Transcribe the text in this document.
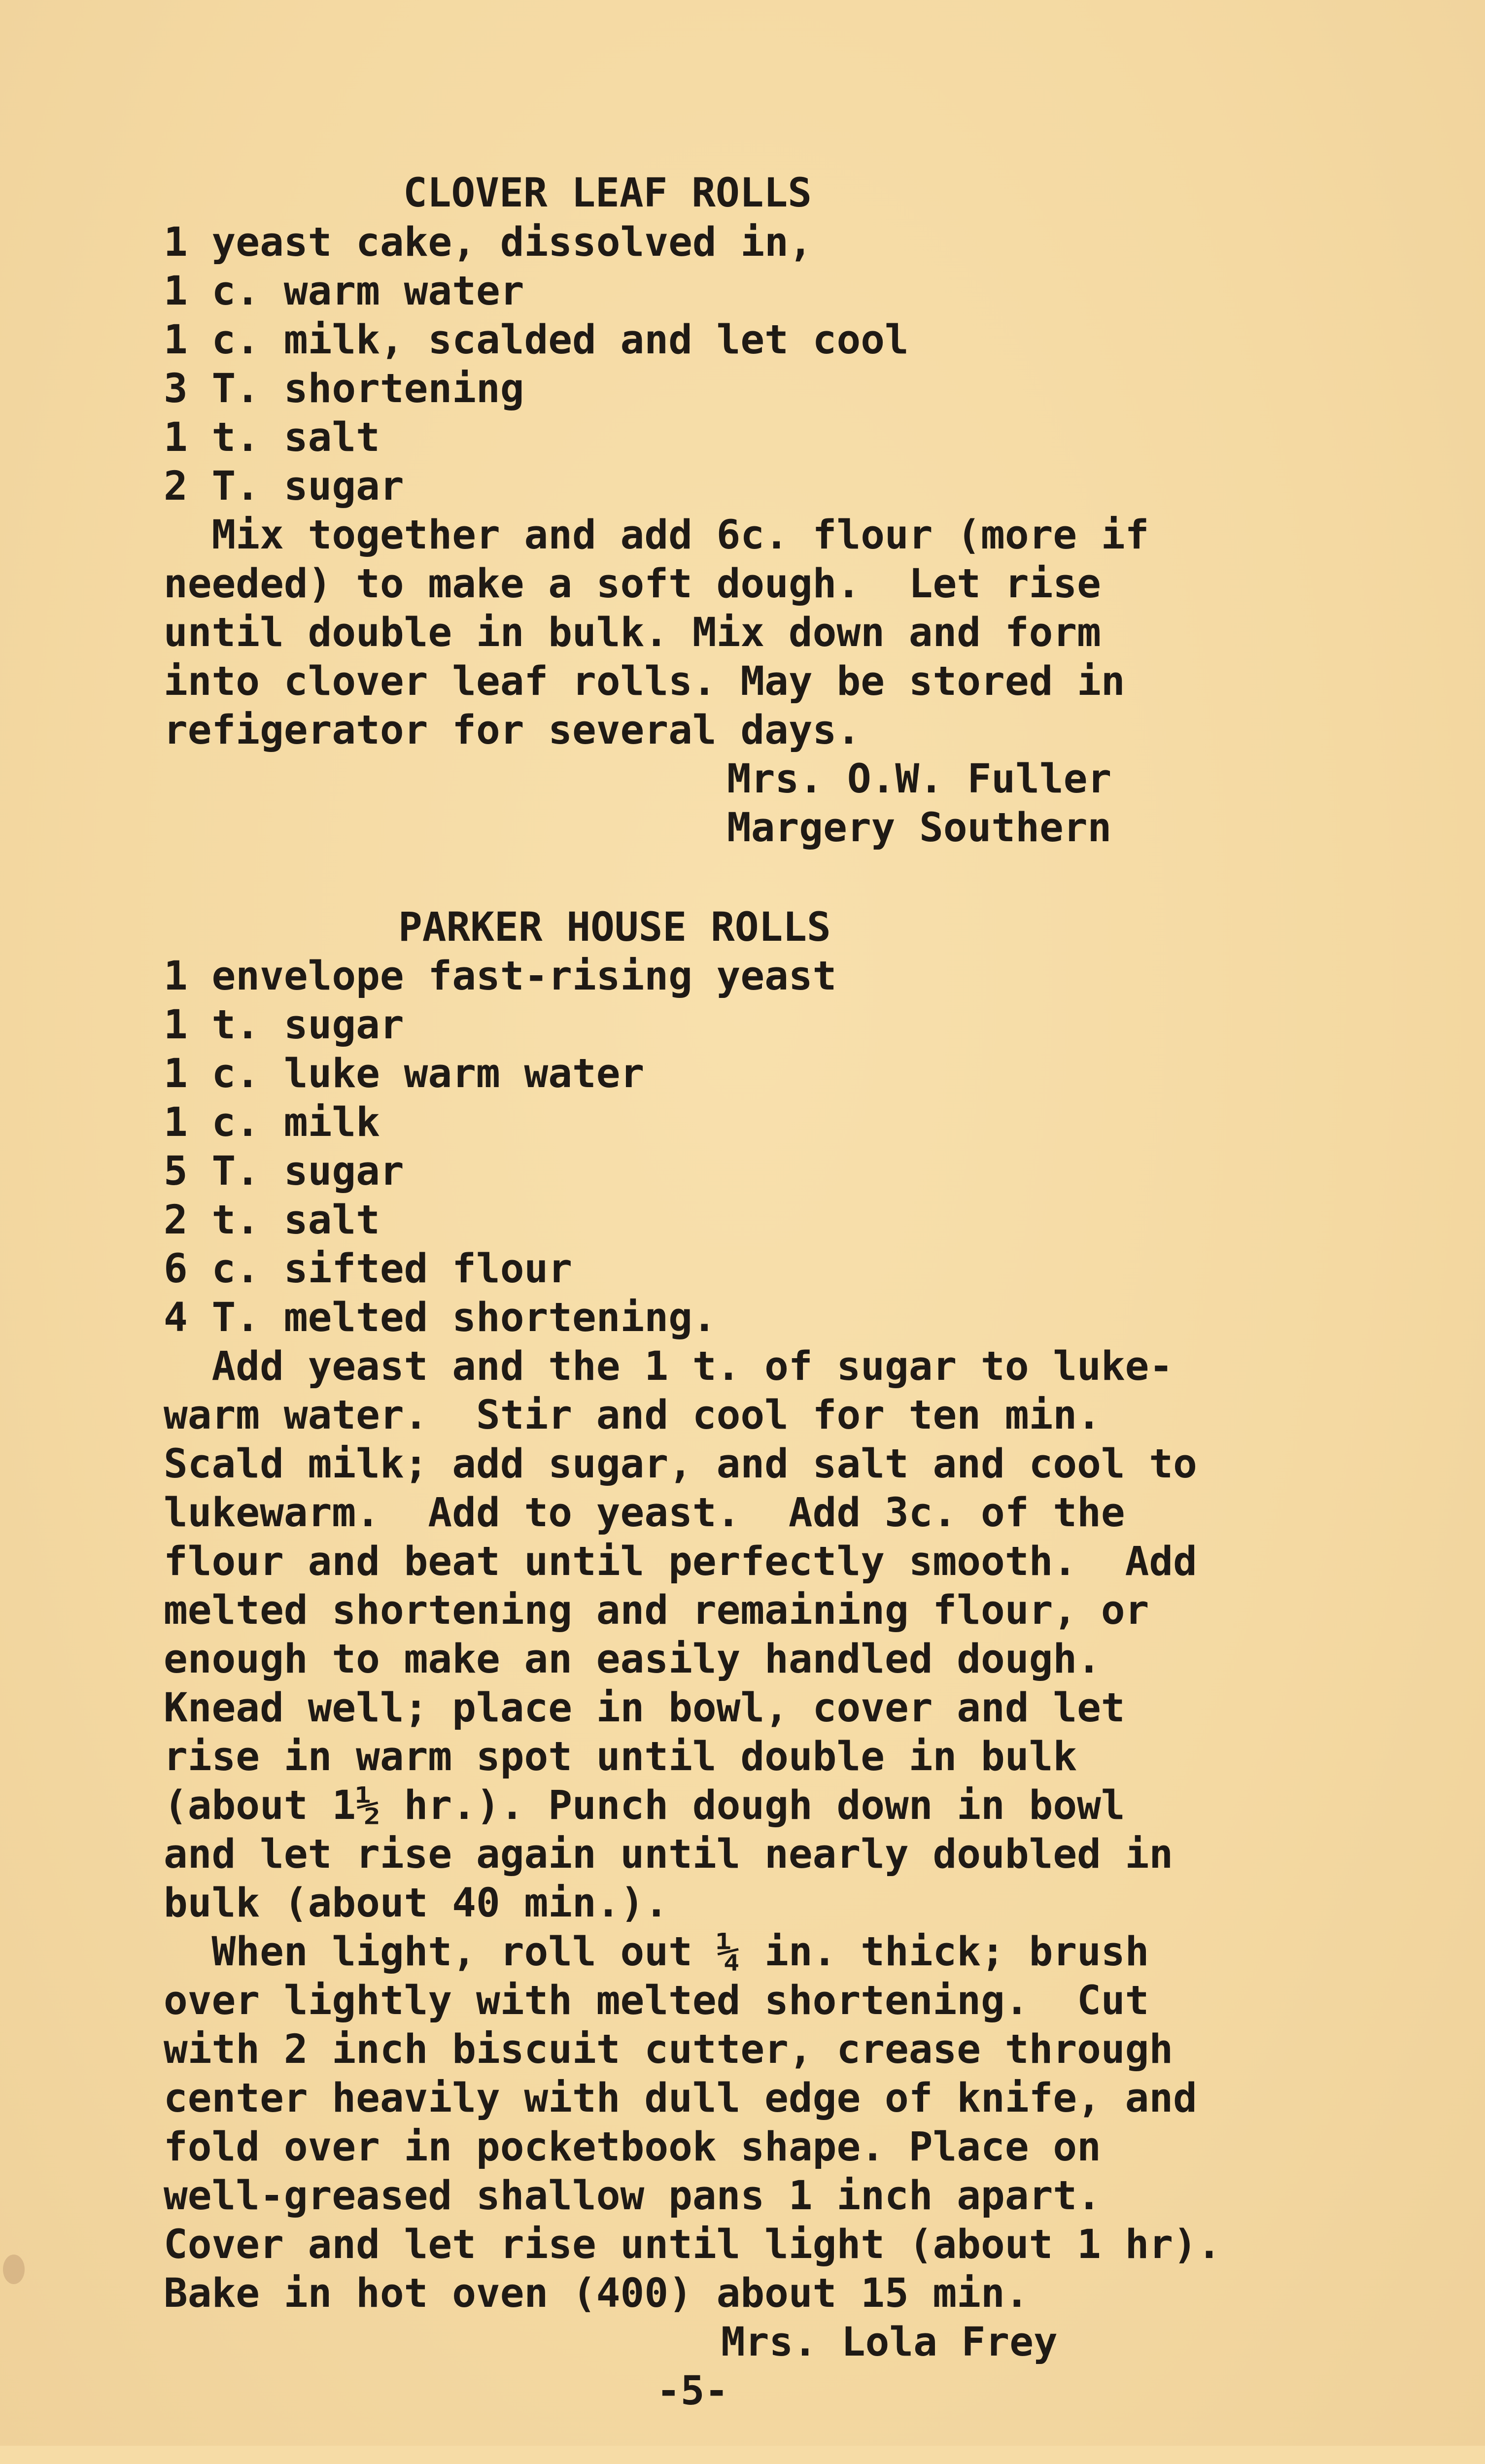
CLOVER LEAF ROLLS

1 yeast cake, dissolved in,

1 c. warm water

1 c. milk, scalded and let cool

3 T. shortening

1 t. salt

2 T. sugar

Mix together and add 6c. flour (more if

needed) to make a soft dough.  Let rise

until double in bulk. Mix down and form

into clover leaf rolls. May be stored in

refigerator for several days.

Mrs. O.W. Fuller

Margery Southern

PARKER HOUSE ROLLS

1 envelope fast-rising yeast

1 t. sugar

1 c. luke warm water

1 c. milk

5 T. sugar

2 t. salt

6 c. sifted flour

4 T. melted shortening.

Add yeast and the 1 t. of sugar to luke-

warm water.  Stir and cool for ten min.

Scald milk; add sugar, and salt and cool to

lukewarm.  Add to yeast.  Add 3c. of the

flour and beat until perfectly smooth.  Add

melted shortening and remaining flour, or

enough to make an easily handled dough.

Knead well; place in bowl, cover and let

rise in warm spot until double in bulk

(about 1½ hr.). Punch dough down in bowl

and let rise again until nearly doubled in

bulk (about 40 min.).

When light, roll out ¼ in. thick; brush

over lightly with melted shortening.  Cut

with 2 inch biscuit cutter, crease through

center heavily with dull edge of knife, and

fold over in pocketbook shape. Place on

well-greased shallow pans 1 inch apart.

Cover and let rise until light (about 1 hr).

Bake in hot oven (400) about 15 min.

Mrs. Lola Frey

-5-
